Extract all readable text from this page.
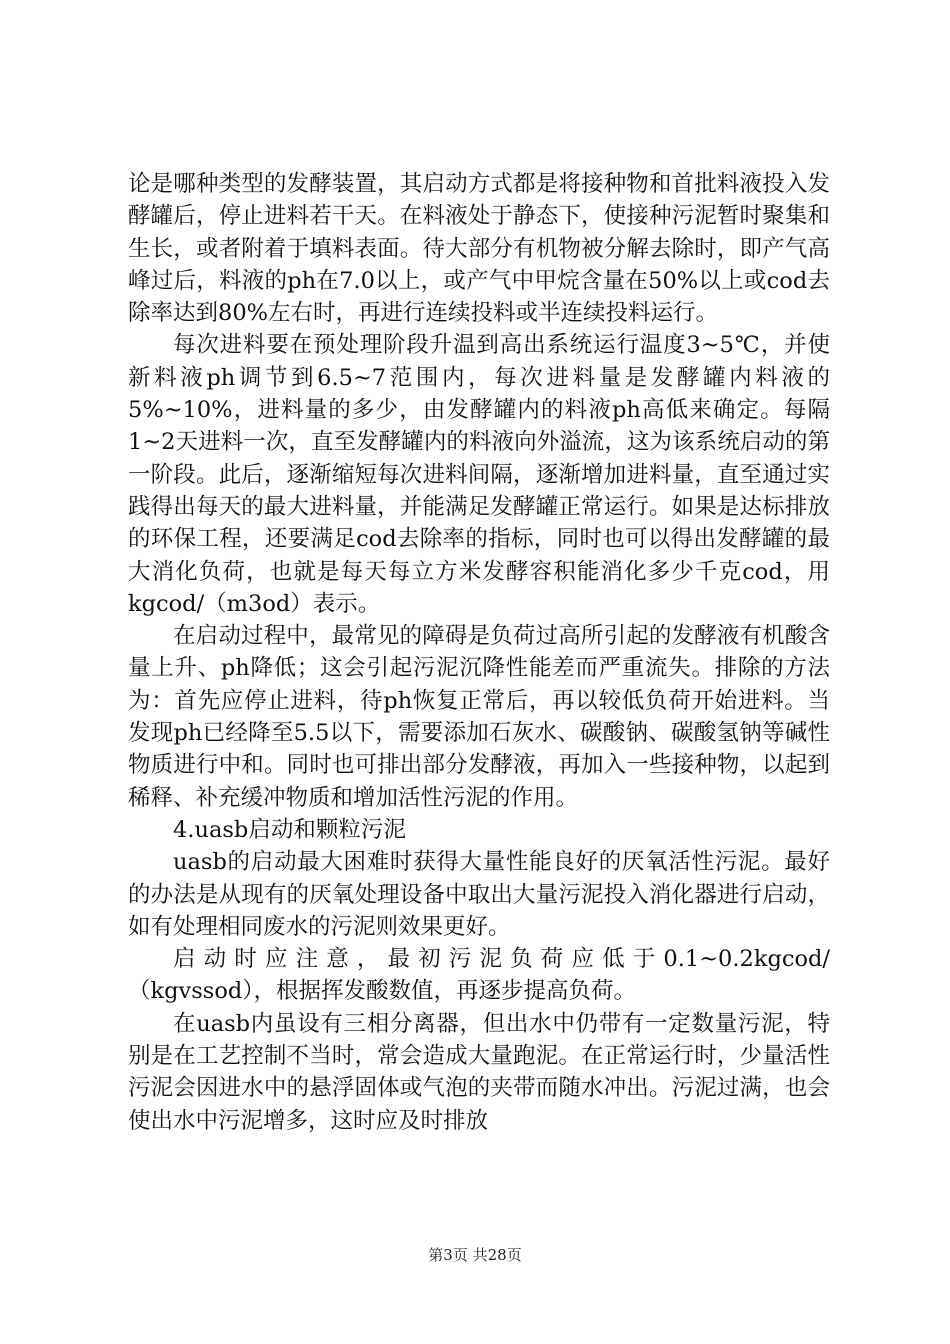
论是哪种类型的发酵装置，其启动方式都是将接种物和首批料液投入发酵罐后，停止进料若干天。在料液处于静态下，使接种污泥暂时聚集和生长，或者附着于填料表面。待大部分有机物被分解去除时，即产气高峰过后，料液的ph在7.0以上，或产气中甲烷含量在50%以上或cod去除率达到80%左右时，再进行连续投料或半连续投料运行。

每次进料要在预处理阶段升温到高出系统运行温度3~5℃，并使新料液ph调节到6.5~7范围内，每次进料量是发酵罐内料液的5%~10%，进料量的多少，由发酵罐内的料液ph高低来确定。每隔1~2天进料一次，直至发酵罐内的料液向外溢流，这为该系统启动的第一阶段。此后，逐渐缩短每次进料间隔，逐渐增加进料量，直至通过实践得出每天的最大进料量，并能满足发酵罐正常运行。如果是达标排放的环保工程，还要满足cod去除率的指标，同时也可以得出发酵罐的最大消化负荷，也就是每天每立方米发酵容积能消化多少千克cod，用kgcod/（m3od）表示。

在启动过程中，最常见的障碍是负荷过高所引起的发酵液有机酸含量上升、ph降低；这会引起污泥沉降性能差而严重流失。排除的方法为：首先应停止进料，待ph恢复正常后，再以较低负荷开始进料。当发现ph已经降至5.5以下，需要添加石灰水、碳酸钠、碳酸氢钠等碱性物质进行中和。同时也可排出部分发酵液，再加入一些接种物，以起到稀释、补充缓冲物质和增加活性污泥的作用。

4.uasb启动和颗粒污泥

uasb的启动最大困难时获得大量性能良好的厌氧活性污泥。最好的办法是从现有的厌氧处理设备中取出大量污泥投入消化器进行启动，如有处理相同废水的污泥则效果更好。

启动时应注意，最初污泥负荷应低于0.1~0.2kgcod/（kgvssod），根据挥发酸数值，再逐步提高负荷。

在uasb内虽设有三相分离器，但出水中仍带有一定数量污泥，特别是在工艺控制不当时，常会造成大量跑泥。在正常运行时，少量活性污泥会因进水中的悬浮固体或气泡的夹带而随水冲出。污泥过满，也会使出水中污泥增多，这时应及时排放

第3页 共28页
